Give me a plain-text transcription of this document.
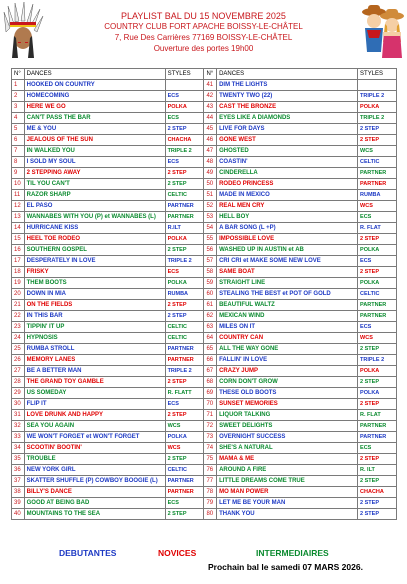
PLAYLIST BAL DU 15 NOVEMBRE 2025
COUNTRY CLUB FORT APACHE BOISSY-LE-CHÂTEL
7, Rue Des Carrières 77169 BOISSY-LE-CHÂTEL
Ouverture des portes 19h00
N°	DANCES	STYLES		N°	DANCES	STYLES
1	HOOKED ON COUNTRY			41	DIM THE LIGHTS	
2	HOMECOMING	ECS		42	TWENTY TWO (22)	TRIPLE 2
3	HERE WE GO	POLKA		43	CAST THE BRONZE	POLKA
4	CAN'T PASS THE BAR	ECS		44	EYES LIKE A DIAMONDS	TRIPLE 2
5	ME & YOU	2 STEP		45	LIVE FOR DAYS	2 STEP
6	JEALOUS OF THE SUN	CHACHA		46	GONE WEST	2 STEP
7	IN WALKED YOU	TRIPLE 2		47	GHOSTED	WCS
8	I SOLD MY SOUL	ECS		48	COASTIN'	CELTIC
9	2 STEPPING AWAY	2 STEP		49	CINDERELLA	PARTNER
10	TIL YOU CAN'T	2 STEP		50	RODEO PRINCESS	PARTNER
11	RAZOR SHARP	CELTIC		51	MADE IN MEXICO	RUMBA
12	EL PASO	PARTNER		52	REAL MEN CRY	WCS
13	WANNABES WITH YOU (P) et WANNABES (L)	PARTNER		53	HELL BOY	ECS
14	HURRICANE KISS	R.ILT		54	A BAR SONG (L +P)	R. FLAT
15	HEEL TOE RODEO	POLKA		55	IMPOSSIBLE LOVE	2 STEP
16	SOUTHERN GOSPEL	2 STEP		56	WASHED UP IN AUSTIN et AB	POLKA
17	DESPERATELY IN LOVE	TRIPLE 2		57	CRI CRI et MAKE SOME NEW LOVE	ECS
18	FRISKY	ECS		58	SAME BOAT	2 STEP
19	THEM BOOTS	POLKA		59	STRAIGHT LINE	POLKA
20	DOWN IN MIA	RUMBA		60	STEALING THE BEST et POT OF GOLD	CELTIC
21	ON THE FIELDS	2 STEP		61	BEAUTIFUL WALTZ	PARTNER
22	IN THIS BAR	2 STEP		62	MEXICAN WIND	PARTNER
23	TIPPIN' IT UP	CELTIC		63	MILES ON IT	ECS
24	HYPNOSIS	CELTIC		64	COUNTRY CAN	WCS
25	RUMBA STROLL	PARTNER		65	ALL THE WAY GONE	2 STEP
26	MEMORY LANES	PARTNER		66	FALLIN' IN LOVE	TRIPLE 2
27	BE A BETTER MAN	TRIPLE 2		67	CRAZY JUMP	POLKA
28	THE GRAND TOY GAMBLE	2 STEP		68	CORN DON'T GROW	2 STEP
29	US SOMEDAY	R. FLATT		69	THESE OLD BOOTS	POLKA
30	FLIP IT	ECS		70	SUNSET MEMORIES	2 STEP
31	LOVE DRUNK AND HAPPY	2 STEP		71	LIQUOR TALKING	R. FLAT
32	SEA YOU AGAIN	WCS		72	SWEET DELIGHTS	PARTNER
33	WE WON'T FORGET et WON'T FORGET	POLKA		73	OVERNIGHT SUCCESS	PARTNER
34	SCOOTIN' BOOTIN'	WCS		74	SHE'S A NATURAL	ECS
35	TROUBLE	2 STEP		75	MAMA & ME	2 STEP
36	NEW YORK GIRL	CELTIC		76	AROUND A FIRE	R. ILT
37	SKATTER SHUFFLE (P) COWBOY BOOGIE (L)	PARTNER		77	LITTLE DREAMS COME TRUE	2 STEP
38	BILLY'S DANCE	PARTNER		78	MO MAN POWER	CHACHA
39	GOOD AT BEING BAD	ECS		79	LET ME BE YOUR MAN	2 STEP
40	MOUNTAINS TO THE SEA	2 STEP		80	THANK YOU	2 STEP
DEBUTANTES	NOVICES	INTERMEDIAIRES
Prochain bal le samedi 07 MARS 2026.
